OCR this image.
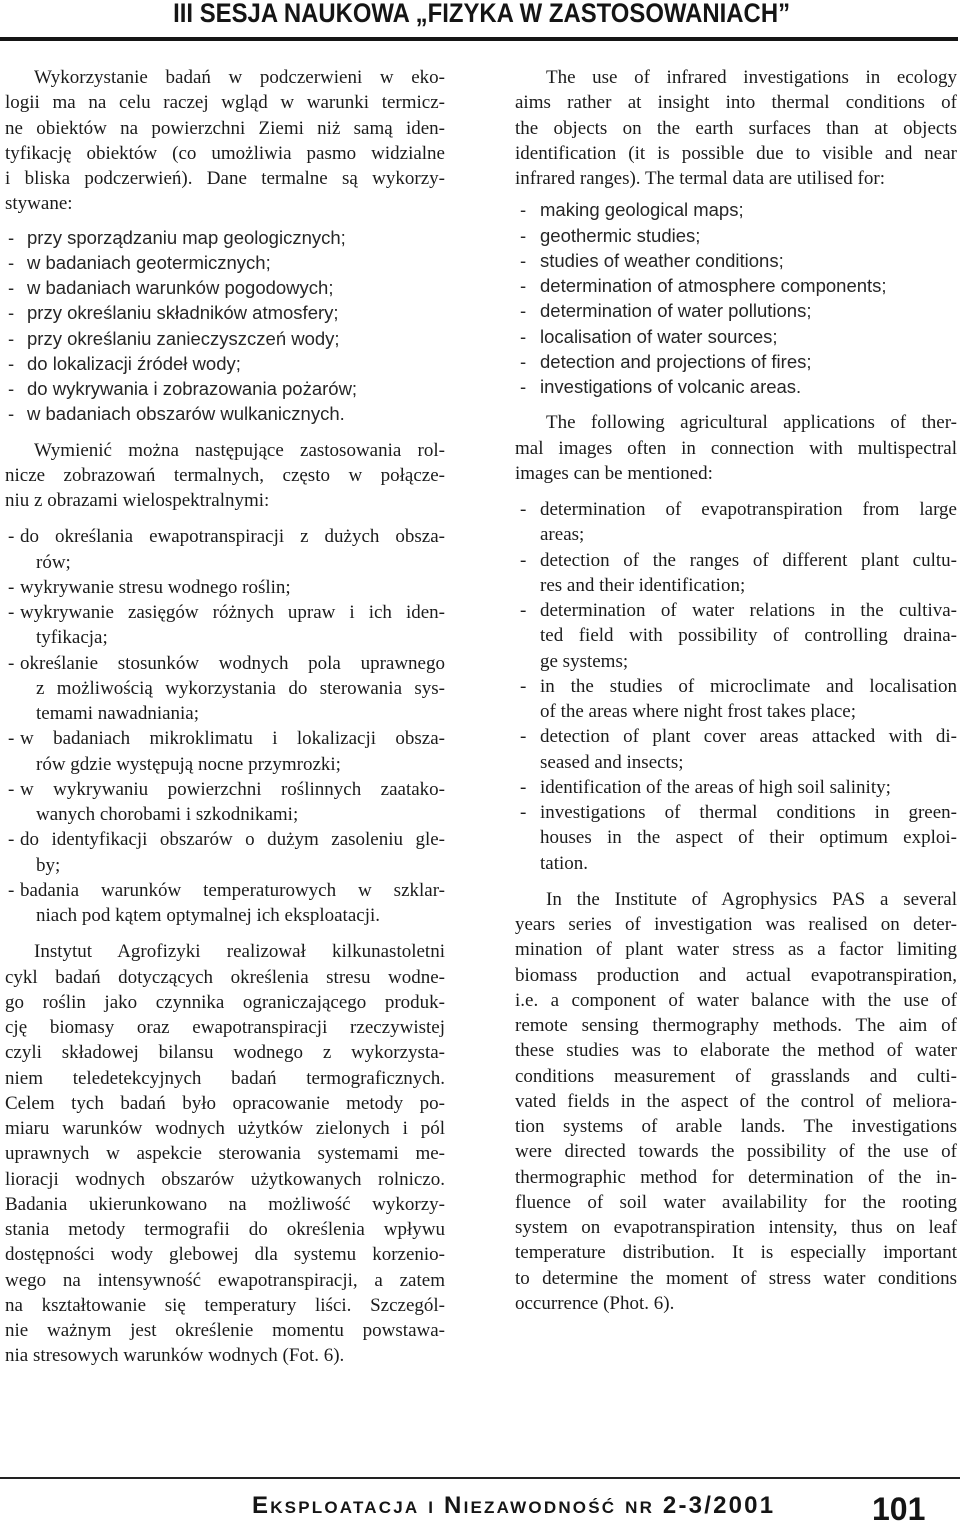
III SESJA NAUKOWA „FIZYKA W ZASTOSOWANIACH”
Wykorzystanie badań w podczerwieni w eko-
logii ma na celu raczej wgląd w warunki termicz-
ne obiektów na powierzchni Ziemi niż samą iden-
tyfikację obiektów (co umożliwia pasmo widzialne
i bliska podczerwień). Dane termalne są wykorzy-
stywane:
- przy sporządzaniu map geologicznych;
- w badaniach geotermicznych;
- w badaniach warunków pogodowych;
- przy określaniu składników atmosfery;
- przy określaniu zanieczyszczeń wody;
- do lokalizacji źródeł wody;
- do wykrywania i zobrazowania pożarów;
- w badaniach obszarów wulkanicznych.
Wymienić można następujące zastosowania rol-
nicze zobrazowań termalnych, często w połącze-
niu z obrazami wielospektralnymi:
- do określania ewapotranspiracji z dużych obsza-
rów;
- wykrywanie stresu wodnego roślin;
- wykrywanie zasięgów różnych upraw i ich iden-
tyfikacja;
- określanie stosunków wodnych pola uprawnego
z możliwością wykorzystania do sterowania sys-
temami nawadniania;
- w badaniach mikroklimatu i lokalizacji obsza-
rów gdzie występują nocne przymrozki;
- w wykrywaniu powierzchni roślinnych zaatako-
wanych chorobami i szkodnikami;
- do identyfikacji obszarów o dużym zasoleniu gle-
by;
- badania warunków temperaturowych w szklar-
niach pod kątem optymalnej ich eksploatacji.
Instytut Agrofizyki realizował kilkunastoletni
cykl badań dotyczących określenia stresu wodne-
go roślin jako czynnika ograniczającego produk-
cję biomasy oraz ewapotranspiracji rzeczywistej
czyli składowej bilansu wodnego z wykorzysta-
niem teledetekcyjnych badań termograficznych.
Celem tych badań było opracowanie metody po-
miaru warunków wodnych użytków zielonych i pól
uprawnych w aspekcie sterowania systemami me-
lioracji wodnych obszarów użytkowanych rolniczo.
Badania ukierunkowano na możliwość wykorzy-
stania metody termografii do określenia wpływu
dostępności wody glebowej dla systemu korzenio-
wego na intensywność ewapotranspiracji, a zatem
na kształtowanie się temperatury liści. Szczegól-
nie ważnym jest określenie momentu powstawa-
nia stresowych warunków wodnych (Fot. 6).
The use of infrared investigations in ecology
aims rather at insight into thermal conditions of
the objects on the earth surfaces than at objects
identification (it is possible due to visible and near
infrared ranges). The termal data are utilised for:
- making geological maps;
- geothermic studies;
- studies of weather conditions;
- determination of atmosphere components;
- determination of water pollutions;
- localisation of water sources;
- detection and projections of fires;
- investigations of volcanic areas.
The following agricultural applications of ther-
mal images often in connection with multispectral
images can be mentioned:
- determination of evapotranspiration from large
areas;
- detection of the ranges of different plant cultu-
res and their identification;
- determination of water relations in the cultiva-
ted field with possibility of controlling draina-
ge systems;
- in the studies of microclimate and localisation
of the areas where night frost takes place;
- detection of plant cover areas attacked with di-
seased and insects;
- identification of the areas of high soil salinity;
- investigations of thermal conditions in green-
houses in the aspect of their optimum exploi-
tation.
In the Institute of Agrophysics PAS a several
years series of investigation was realised on deter-
mination of plant water stress as a factor limiting
biomass production and actual evapotranspiration,
i.e. a component of water balance with the use of
remote sensing thermography methods. The aim of
these studies was to elaborate the method of water
conditions measurement of grasslands and culti-
vated fields in the aspect of the control of meliora-
tion systems of arable lands. The investigations
were directed towards the possibility of the use of
thermographic method for determination of the in-
fluence of soil water availability for the rooting
system on evapotranspiration intensity, thus on leaf
temperature distribution. It is especially important
to determine the moment of stress water conditions
occurrence (Phot. 6).
Eksploatacja i Niezawodność nr 2-3/2001	101
